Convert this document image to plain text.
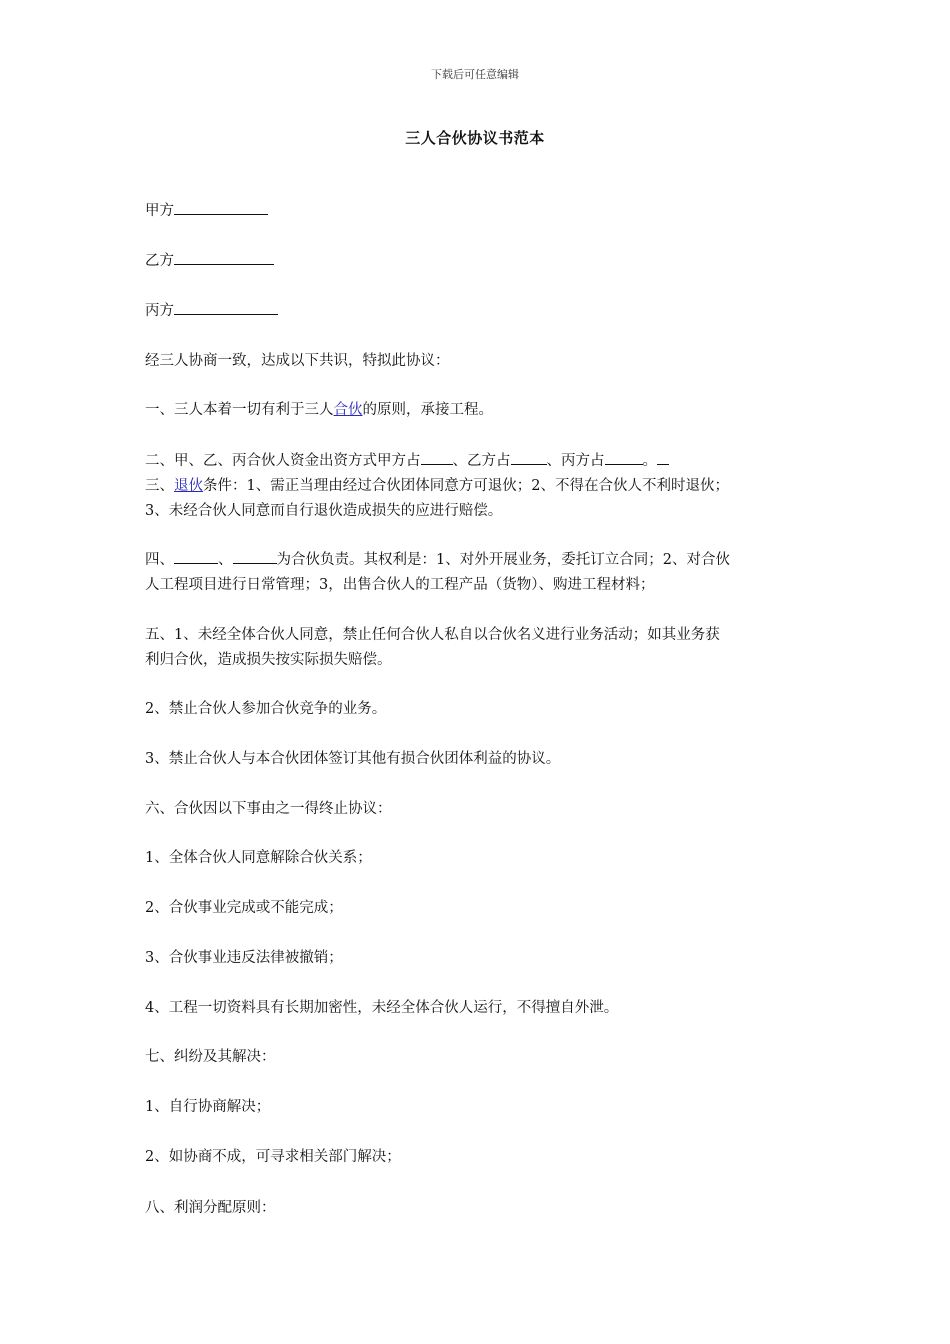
下载后可任意编辑
三人合伙协议书范本
甲方
乙方
丙方
经三人协商一致，达成以下共识，特拟此协议：
一、三人本着一切有利于三人合伙的原则，承接工程。
二、甲、乙、丙合伙人资金出资方式甲方占 、乙方占 、丙方占	。
三、退伙条件：1、需正当理由经过合伙团体同意方可退伙；2、不得在合伙人不利时退伙；
3、未经合伙人同意而自行退伙造成损失的应进行赔偿。
四、	、	为合伙负责。其权利是：1、对外开展业务，委托订立合同；2、对合伙
人工程项目进行日常管理；3，出售合伙人的工程产品（货物）、购进工程材料；
五、1、未经全体合伙人同意，禁止任何合伙人私自以合伙名义进行业务活动；如其业务获
利归合伙，造成损失按实际损失赔偿。
2、禁止合伙人参加合伙竞争的业务。
3、禁止合伙人与本合伙团体签订其他有损合伙团体利益的协议。
六、合伙因以下事由之一得终止协议：
1、全体合伙人同意解除合伙关系；
2、合伙事业完成或不能完成；
3、合伙事业违反法律被撤销；
4、工程一切资料具有长期加密性，未经全体合伙人运行，不得擅自外泄。
七、纠纷及其解决：
1、自行协商解决；
2、如协商不成，可寻求相关部门解决；
八、利润分配原则：
